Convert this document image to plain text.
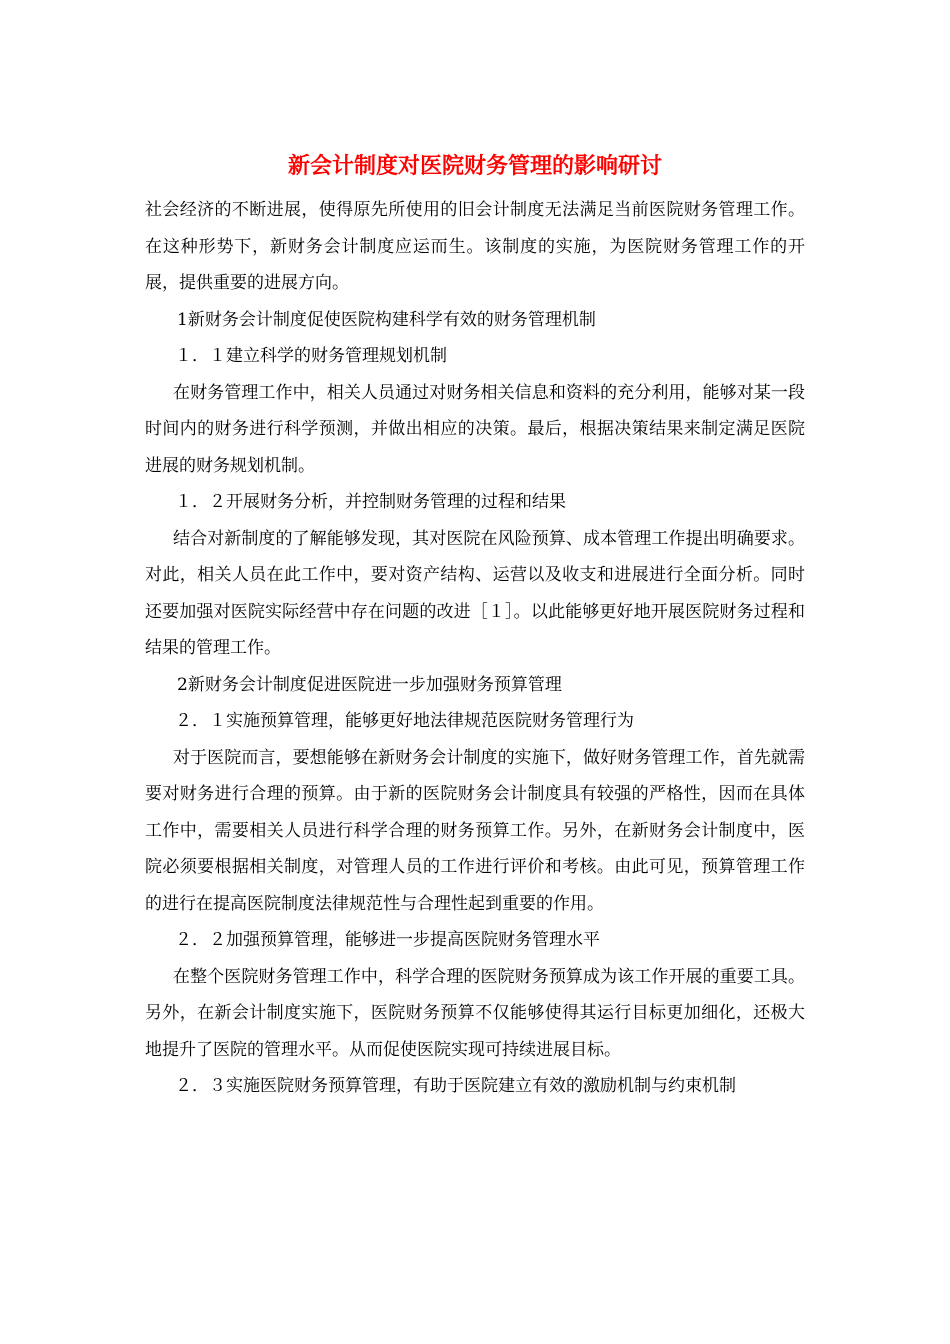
新会计制度对医院财务管理的影响研讨

社会经济的不断进展，使得原先所使用的旧会计制度无法满足当前医院财务管理工作。在这种形势下，新财务会计制度应运而生。该制度的实施，为医院财务管理工作的开展，提供重要的进展方向。

1新财务会计制度促使医院构建科学有效的财务管理机制

１．１建立科学的财务管理规划机制

在财务管理工作中，相关人员通过对财务相关信息和资料的充分利用，能够对某一段时间内的财务进行科学预测，并做出相应的决策。最后，根据决策结果来制定满足医院进展的财务规划机制。

１．２开展财务分析，并控制财务管理的过程和结果

结合对新制度的了解能够发现，其对医院在风险预算、成本管理工作提出明确要求。对此，相关人员在此工作中，要对资产结构、运营以及收支和进展进行全面分析。同时还要加强对医院实际经营中存在问题的改进［１］。以此能够更好地开展医院财务过程和结果的管理工作。

2新财务会计制度促进医院进一步加强财务预算管理

２．１实施预算管理，能够更好地法律规范医院财务管理行为

对于医院而言，要想能够在新财务会计制度的实施下，做好财务管理工作，首先就需要对财务进行合理的预算。由于新的医院财务会计制度具有较强的严格性，因而在具体工作中，需要相关人员进行科学合理的财务预算工作。另外，在新财务会计制度中，医院必须要根据相关制度，对管理人员的工作进行评价和考核。由此可见，预算管理工作的进行在提高医院制度法律规范性与合理性起到重要的作用。

２．２加强预算管理，能够进一步提高医院财务管理水平

在整个医院财务管理工作中，科学合理的医院财务预算成为该工作开展的重要工具。另外，在新会计制度实施下，医院财务预算不仅能够使得其运行目标更加细化，还极大地提升了医院的管理水平。从而促使医院实现可持续进展目标。

２．３实施医院财务预算管理，有助于医院建立有效的激励机制与约束机制
